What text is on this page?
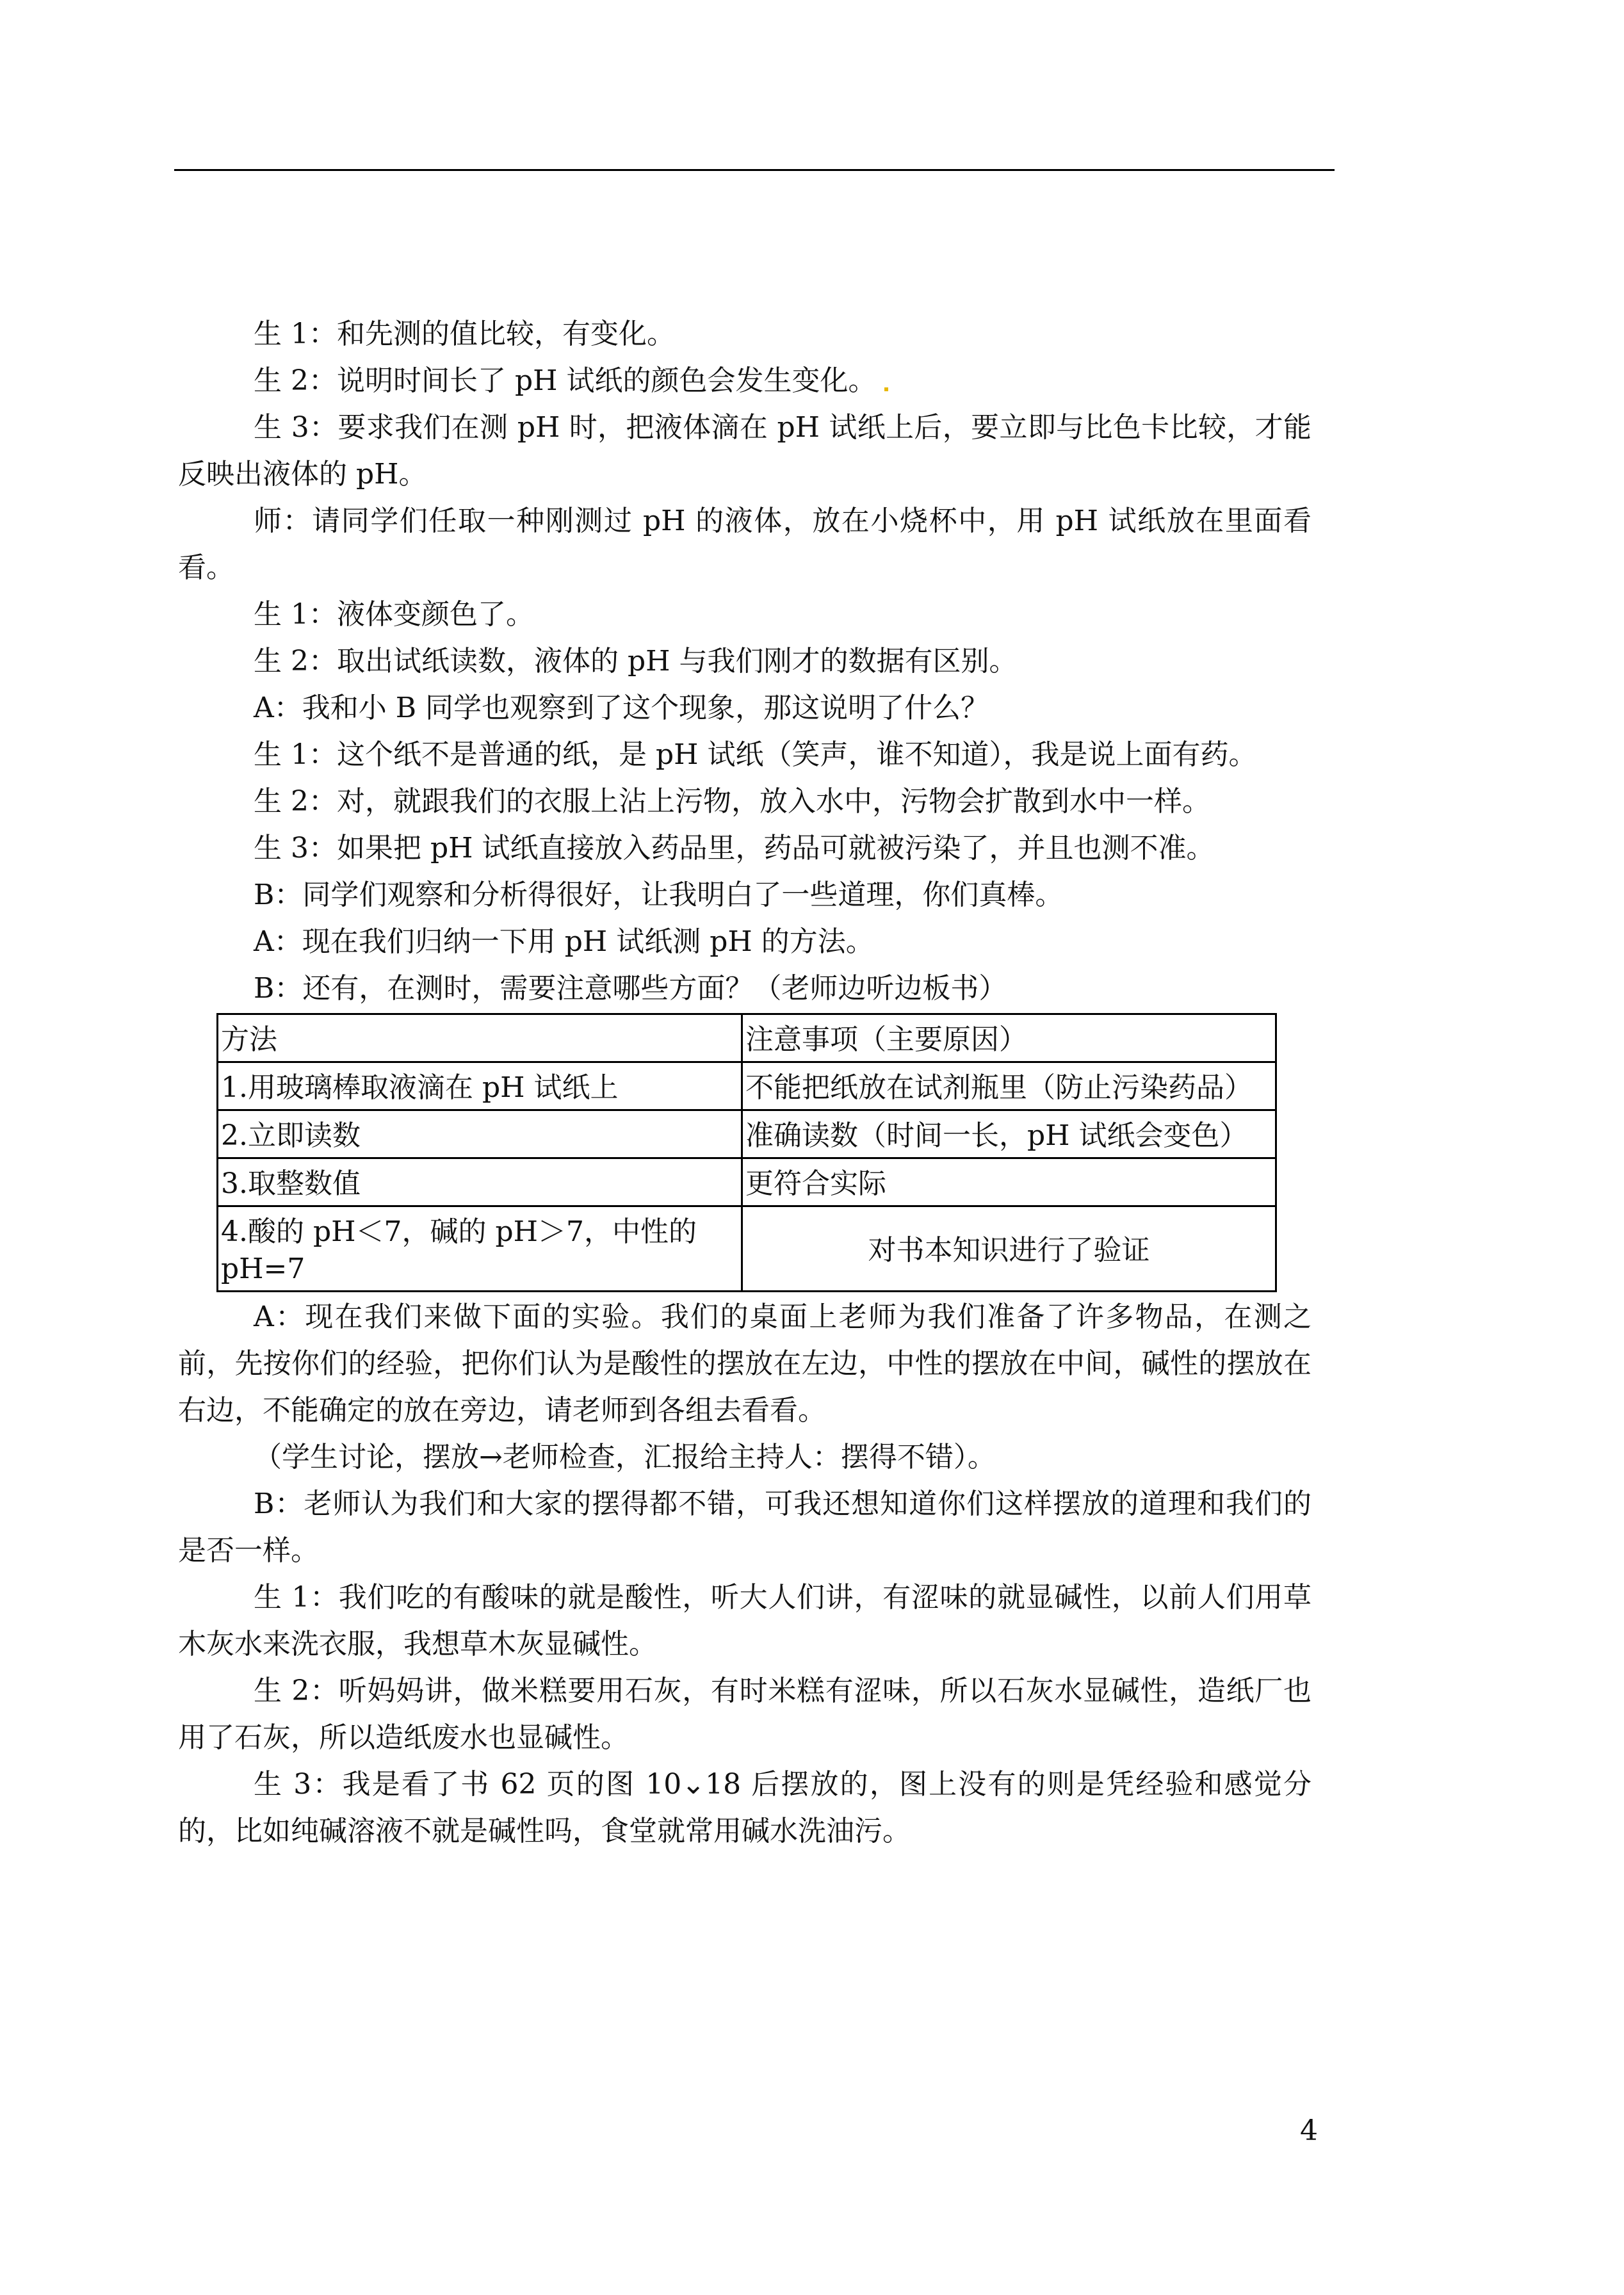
生 1：和先测的值比较，有变化。

生 2：说明时间长了 pH 试纸的颜色会发生变化。

生 3：要求我们在测 pH 时，把液体滴在 pH 试纸上后，要立即与比色卡比较，才能反映出液体的 pH。

师：请同学们任取一种刚测过 pH 的液体，放在小烧杯中，用 pH 试纸放在里面看看。

生 1：液体变颜色了。

生 2：取出试纸读数，液体的 pH 与我们刚才的数据有区别。

A：我和小 B 同学也观察到了这个现象，那这说明了什么？

生 1：这个纸不是普通的纸，是 pH 试纸（笑声，谁不知道），我是说上面有药。

生 2：对，就跟我们的衣服上沾上污物，放入水中，污物会扩散到水中一样。

生 3：如果把 pH 试纸直接放入药品里，药品可就被污染了，并且也测不准。

B：同学们观察和分析得很好，让我明白了一些道理，你们真棒。

A：现在我们归纳一下用 pH 试纸测 pH 的方法。

B：还有，在测时，需要注意哪些方面？（老师边听边板书）

方法	注意事项（主要原因）
1.用玻璃棒取液滴在 pH 试纸上	不能把纸放在试剂瓶里（防止污染药品）
2.立即读数	准确读数（时间一长，pH 试纸会变色）
3.取整数值	更符合实际
4.酸的 pH＜7，碱的 pH＞7，中性的 pH=7	对书本知识进行了验证

A：现在我们来做下面的实验。我们的桌面上老师为我们准备了许多物品，在测之前，先按你们的经验，把你们认为是酸性的摆放在左边，中性的摆放在中间，碱性的摆放在右边，不能确定的放在旁边，请老师到各组去看看。

（学生讨论，摆放→老师检查，汇报给主持人：摆得不错）。

B：老师认为我们和大家的摆得都不错，可我还想知道你们这样摆放的道理和我们的是否一样。

生 1：我们吃的有酸味的就是酸性，听大人们讲，有涩味的就显碱性，以前人们用草木灰水来洗衣服，我想草木灰显碱性。

生 2：听妈妈讲，做米糕要用石灰，有时米糕有涩味，所以石灰水显碱性，造纸厂也用了石灰，所以造纸废水也显碱性。

生 3：我是看了书 62 页的图 10⌄18 后摆放的，图上没有的则是凭经验和感觉分的，比如纯碱溶液不就是碱性吗，食堂就常用碱水洗油污。

4
